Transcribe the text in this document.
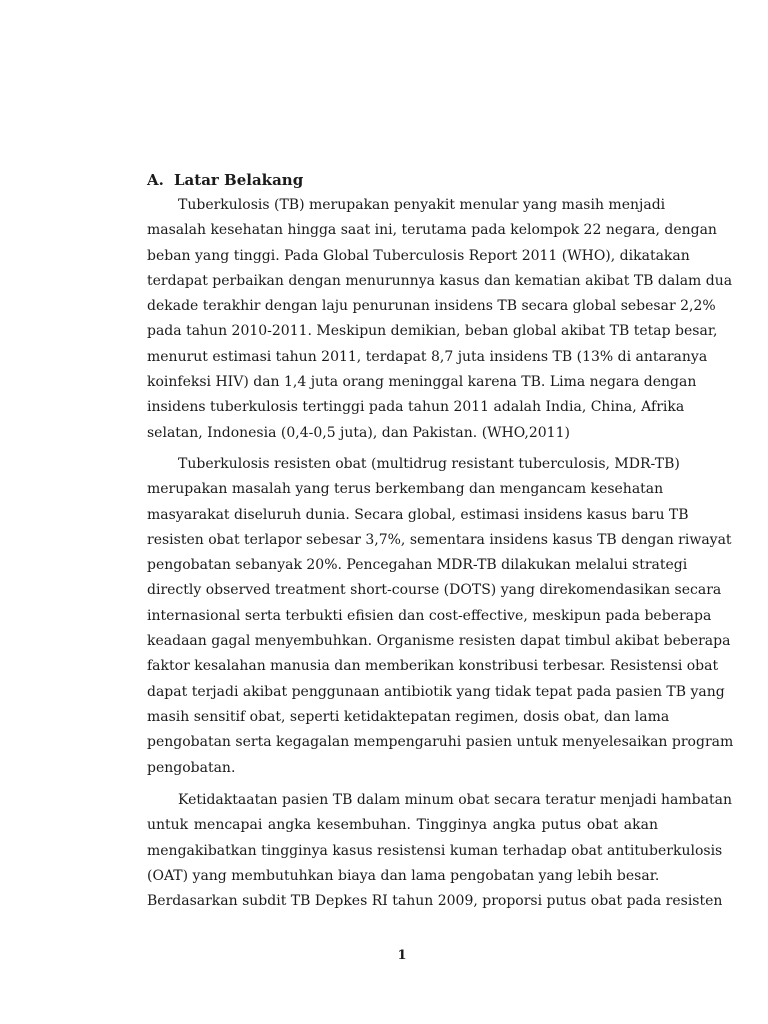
A. Latar Belakang
Tuberkulosis (TB) merupakan penyakit menular yang masih menjadi
masalah kesehatan hingga saat ini, terutama pada kelompok 22 negara, dengan
beban yang tinggi. Pada Global Tuberculosis Report 2011 (WHO), dikatakan
terdapat perbaikan dengan menurunnya kasus dan kematian akibat TB dalam dua
dekade terakhir dengan laju penurunan insidens TB secara global sebesar 2,2%
pada tahun 2010-2011. Meskipun demikian, beban global akibat TB tetap besar,
menurut estimasi tahun 2011, terdapat 8,7 juta insidens TB (13% di antaranya
koinfeksi HIV) dan 1,4 juta orang meninggal karena TB. Lima negara dengan
insidens tuberkulosis tertinggi pada tahun 2011 adalah India, China, Afrika
selatan, Indonesia (0,4-0,5 juta), dan Pakistan. (WHO,2011)
Tuberkulosis resisten obat (multidrug resistant tuberculosis, MDR-TB)
merupakan masalah yang terus berkembang dan mengancam kesehatan
masyarakat diseluruh dunia. Secara global, estimasi insidens kasus baru TB
resisten obat terlapor sebesar 3,7%, sementara insidens kasus TB dengan riwayat
pengobatan sebanyak 20%. Pencegahan MDR-TB dilakukan melalui strategi
directly observed treatment short-course (DOTS) yang direkomendasikan secara
internasional serta terbukti efisien dan cost-effective, meskipun pada beberapa
keadaan gagal menyembuhkan. Organisme resisten dapat timbul akibat beberapa
faktor kesalahan manusia dan memberikan konstribusi terbesar. Resistensi obat
dapat terjadi akibat penggunaan antibiotik yang tidak tepat pada pasien TB yang
masih sensitif obat, seperti ketidaktepatan regimen, dosis obat, dan lama
pengobatan serta kegagalan mempengaruhi pasien untuk menyelesaikan program
pengobatan.
Ketidaktaatan pasien TB dalam minum obat secara teratur menjadi hambatan
untuk mencapai angka kesembuhan. Tingginya angka putus obat akan
mengakibatkan tingginya kasus resistensi kuman terhadap obat antituberkulosis
(OAT) yang membutuhkan biaya dan lama pengobatan yang lebih besar.
Berdasarkan subdit TB Depkes RI tahun 2009, proporsi putus obat pada resisten
1
